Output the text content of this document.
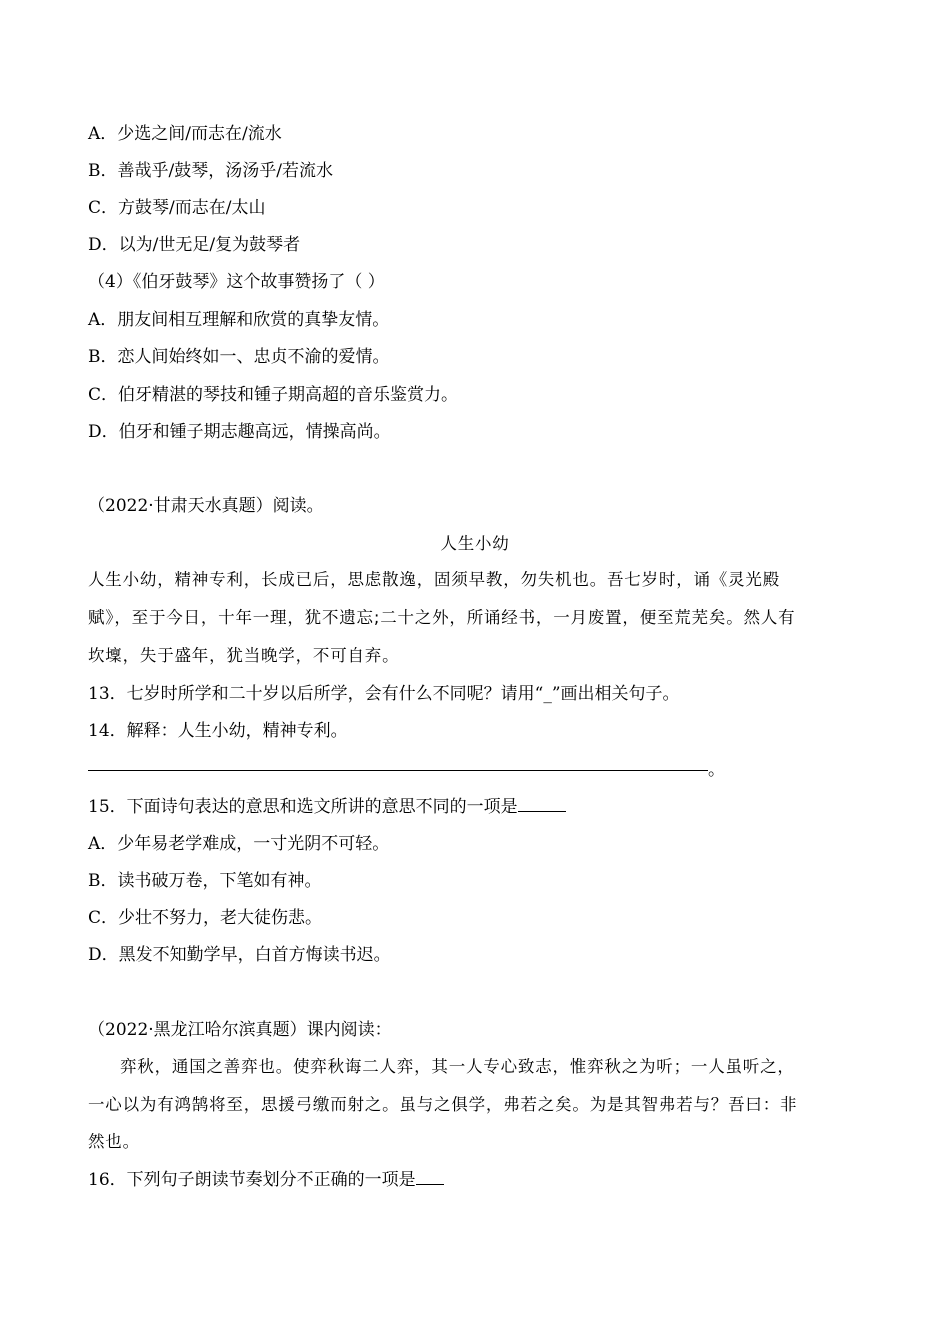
A．少选之间/而志在/流水
B．善哉乎/鼓琴，汤汤乎/若流水
C．方鼓琴/而志在/太山
D．以为/世无足/复为鼓琴者
（4）《伯牙鼓琴》这个故事赞扬了（ ）
A．朋友间相互理解和欣赏的真挚友情。
B．恋人间始终如一、忠贞不渝的爱情。
C．伯牙精湛的琴技和锺子期高超的音乐鉴赏力。
D．伯牙和锺子期志趣高远，情操高尚。
（2022·甘肃天水真题）阅读。
人生小幼
人生小幼，精神专利，长成已后，思虑散逸，固须早教，勿失机也。吾七岁时，诵《灵光殿
赋》，至于今日，十年一理，犹不遗忘;二十之外，所诵经书，一月废置，便至荒芜矣。然人有
坎壈，失于盛年，犹当晚学，不可自弃。
13．七岁时所学和二十岁以后所学，会有什么不同呢？请用“_”画出相关句子。
14．解释：人生小幼，精神专利。
。
15．下面诗句表达的意思和选文所讲的意思不同的一项是
A．少年易老学难成，一寸光阴不可轻。
B．读书破万卷，下笔如有神。
C．少壮不努力，老大徒伤悲。
D．黑发不知勤学早，白首方悔读书迟。
（2022·黑龙江哈尔滨真题）课内阅读：
弈秋，通国之善弈也。使弈秋诲二人弈，其一人专心致志，惟弈秋之为听；一人虽听之，
一心以为有鸿鹄将至，思援弓缴而射之。虽与之俱学，弗若之矣。为是其智弗若与？吾曰：非
然也。
16．下列句子朗读节奏划分不正确的一项是
